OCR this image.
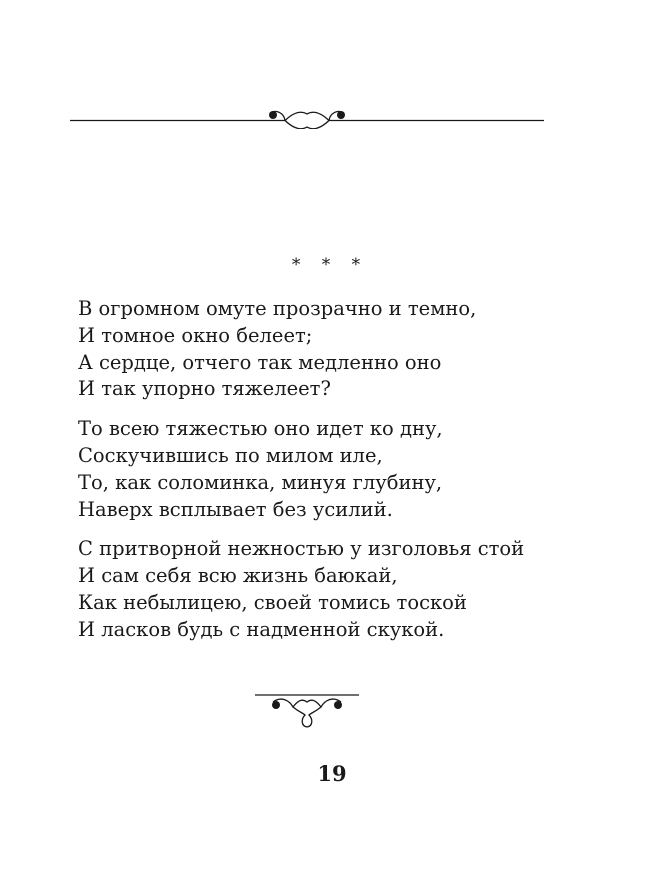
* * *
В огромном омуте прозрачно и темно,
И томное окно белеет;
А сердце, отчего так медленно оно
И так упорно тяжелеет?
То всею тяжестью оно идет ко дну,
Соскучившись по милом иле,
То, как соломинка, минуя глубину,
Наверх всплывает без усилий.
С притворной нежностью у изголовья стой
И сам себя всю жизнь баюкай,
Как небылицею, своей томись тоской
И ласков будь с надменной скукой.
19
